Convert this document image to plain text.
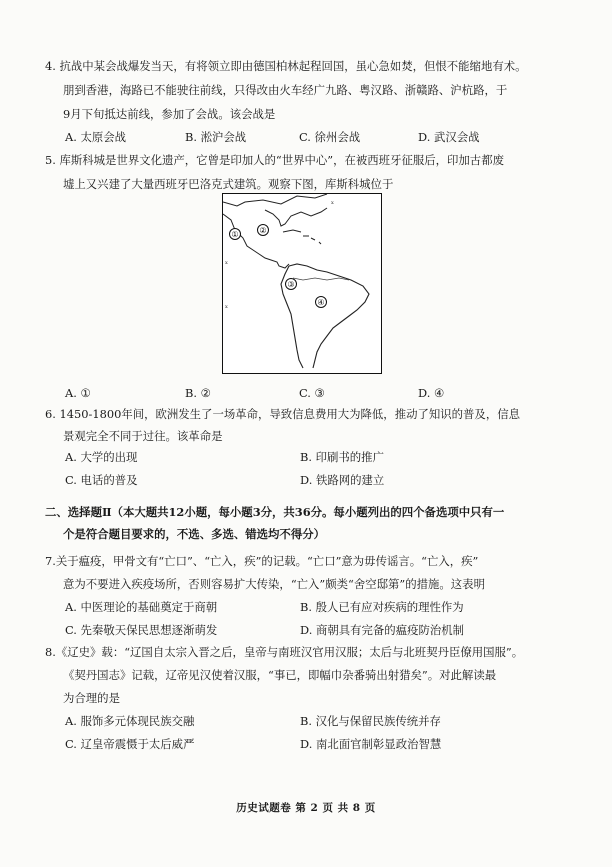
4. 抗战中某会战爆发当天，有将领立即由德国柏林起程回国，虽心急如焚，但恨不能缩地有术。
朋到香港，海路已不能驶往前线，只得改由火车经广九路、粤汉路、浙赣路、沪杭路，于
9月下旬抵达前线，参加了会战。该会战是
A. 太原会战	B. 淞沪会战	C. 徐州会战	D. 武汉会战
5. 库斯科城是世界文化遗产，它曾是印加人的“世界中心”，在被西班牙征服后，印加古都废
墟上又兴建了大量西班牙巴洛克式建筑。观察下图，库斯科城位于
x
x
x
①	②
③
④
A. ①	B. ②	C. ③	D. ④
6. 1450-1800年间，欧洲发生了一场革命，导致信息费用大为降低，推动了知识的普及，信息
景观完全不同于过往。该革命是
A. 大学的出现	B. 印刷书的推广
C. 电话的普及	D. 铁路网的建立
二、选择题Ⅱ（本大题共12小题，每小题3分，共36分。每小题列出的四个备选项中只有一
个是符合题目要求的，不选、多选、错选均不得分）
7.关于瘟疫，甲骨文有“亡口”、“亡入，疾”的记载。“亡口”意为毋传谣言。“亡入，疾”
意为不要进入疾疫场所，否则容易扩大传染，“亡入”颇类“舍空邸第”的措施。这表明
A. 中医理论的基础奠定于商朝	B. 殷人已有应对疾病的理性作为
C. 先秦敬天保民思想逐渐萌发	D. 商朝具有完备的瘟疫防治机制
8.《辽史》载：“辽国自太宗入晋之后，皇帝与南班汉官用汉服；太后与北班契丹臣僚用国服”。
《契丹国志》记载，辽帝见汉使着汉服，“事已，即幅巾杂番骑出射猎矣”。对此解读最
为合理的是
A. 服饰多元体现民族交融	B. 汉化与保留民族传统并存
C. 辽皇帝震慑于太后威严	D. 南北面官制彰显政治智慧
历史试题卷 第 2 页 共 8 页
